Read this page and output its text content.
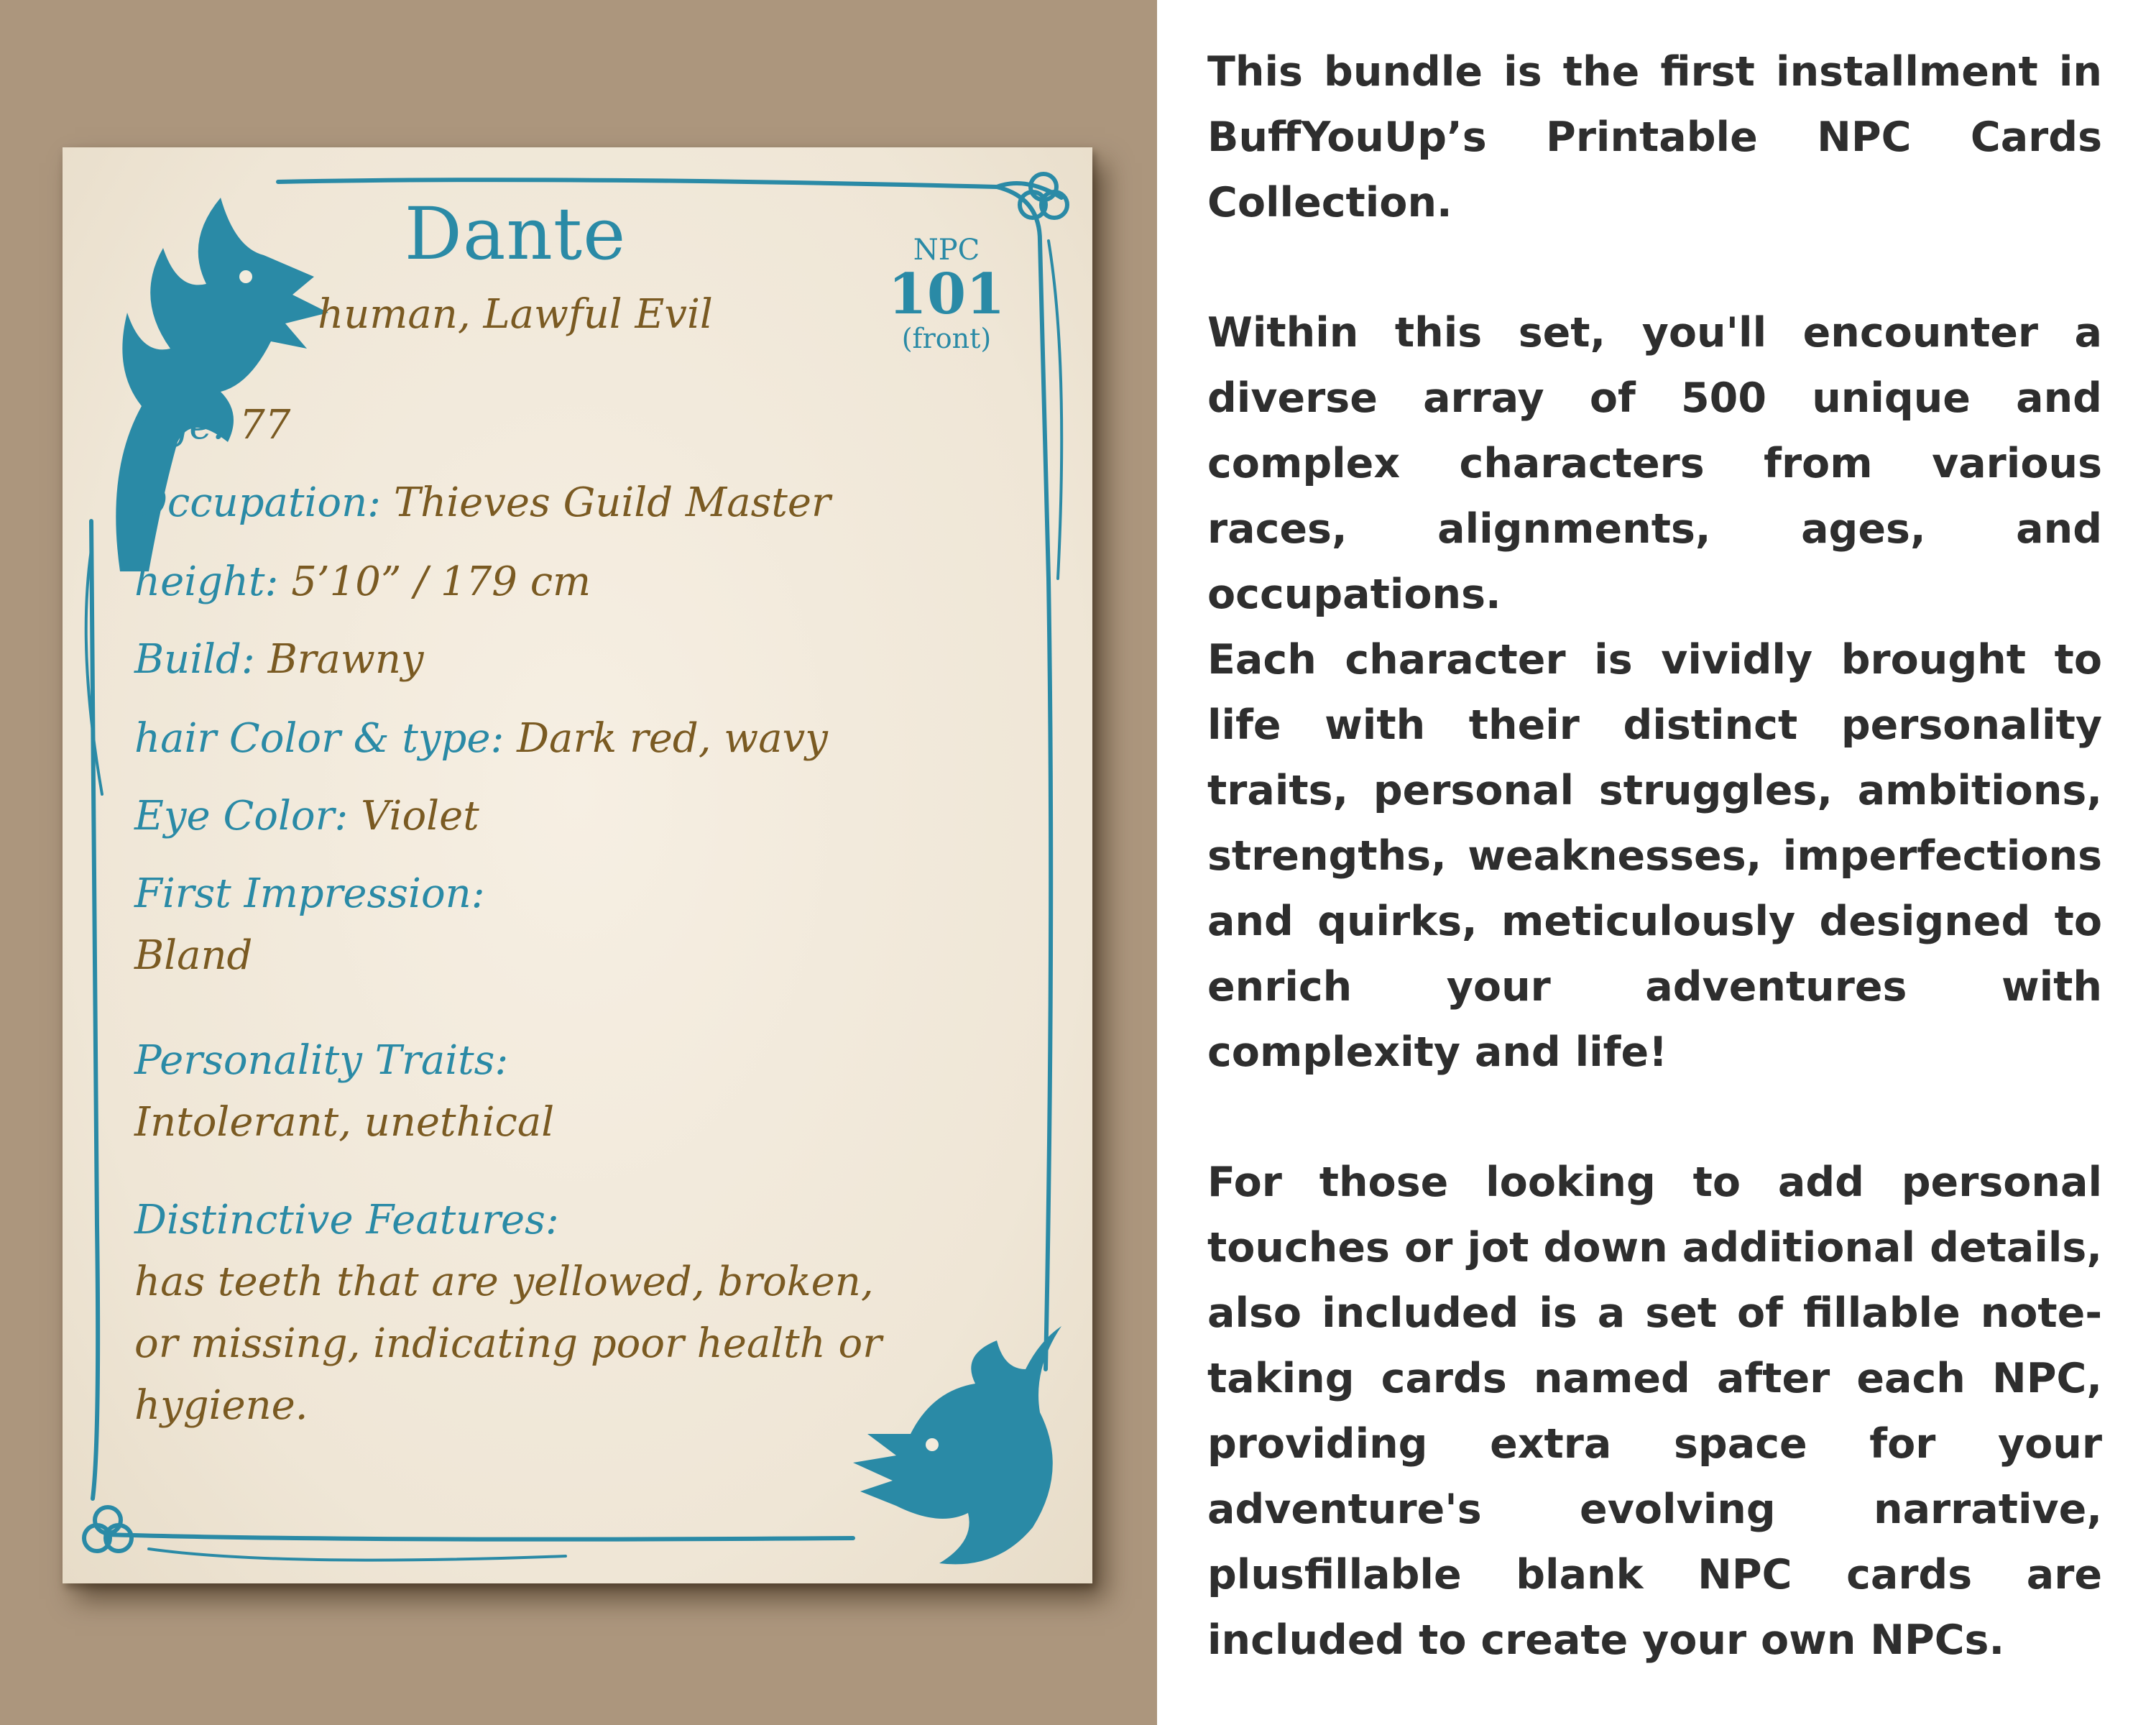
Dante
human, Lawful Evil
NPC
101
(front)
Age: 77
Occupation: Thieves Guild Master
height: 5’10” / 179 cm
Build: Brawny
hair Color & type: Dark red, wavy
Eye Color: Violet
First Impression:
Bland
Personality Traits:
Intolerant, unethical
Distinctive Features:
has teeth that are yellowed, broken, or missing, indicating poor health or hygiene.

This bundle is the first installment in BuffYouUp’s Printable NPC Cards Collection.

Within this set, you'll encounter a diverse array of 500 unique and complex characters from various races, alignments, ages, and occupations.

Each character is vividly brought to life with their distinct personality traits, personal struggles, ambitions, strengths, weaknesses, imperfections and quirks, meticulously designed to enrich your adventures with complexity and life!

For those looking to add personal touches or jot down additional details, also included is a set of fillable note-taking cards named after each NPC, providing extra space for your adventure's evolving narrative, plusfillable blank NPC cards are included to create your own NPCs.
